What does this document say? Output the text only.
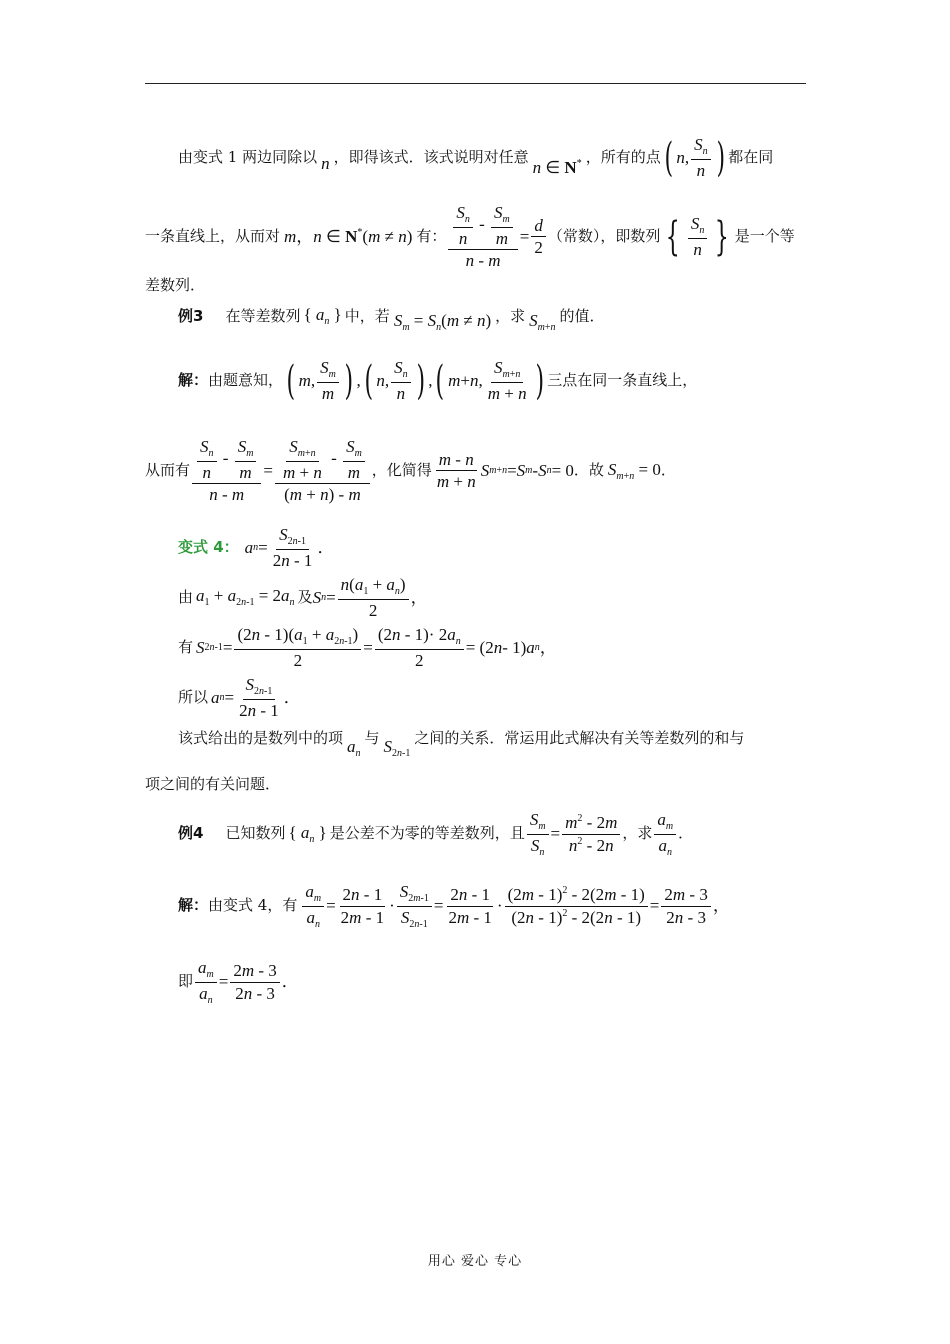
由变式 1 两边同除以 n ，即得该式．该式说明对任意
n ∈ N* ，所有的点 ( n , $\frac{S_n}{n}$ ) 都在同
一条直线上，从而对 m，n ∈ N*(m ≠ n) 有： $\frac{\frac{S_n}{n} - \frac{S_m}{m}}{n - m} = \frac{d}{2}$ （常数），即数列 { $\frac{S_n}{n}$ } 是一个等
差数列．
例3 在等差数列 { $a_n$ } 中，若 $S_m = S_n(m \ne n)$ ，求 $S_{m+n}$
的值．
解： 由题意知， ( m , $\frac{S_m}{m}$ ) , ( n , $\frac{S_n}{n}$ ) , ( m + n , $\frac{S_{m+n}}{m + n}$ ) 三点在同一条直线上，
从而有 $\frac{\frac{S_n}{n} - \frac{S_m}{m}}{n - m} = \frac{\frac{S_{m+n}}{m + n} - \frac{S_m}{m}}{(m + n) - m}$ ，化简得 $\frac{m - n}{m + n}$ S m+n = S m - S n = 0 ．故 $S_{m+n} = 0$ ．
变式 4： a $n = \frac{S_{2n-1}}{2n - 1}$ ．
由 $a_1 + a_{2n-1} = 2a_n$ 及 S $n = \frac{n(a_1 + a_n)}{2}$ ，
有 S $2n-1 = \frac{(2n - 1)(a_1 + a_{2n-1})}{2} = \frac{(2n - 1)\cdot 2a_n}{2} = (2$ n - 1) a n ，
所以 a $n = \frac{S_{2n-1}}{2n - 1}$ ．
该式给出的是数列中的项 $a_n$
与 $S_{2n-1}$
之间的关系．常运用此式解决有关等差数列的和与
项之间的有关问题．
例4 已知数列 { $a_n$ } 是公差不为零的等差数列，且 $\frac{S_m}{S_n} = \frac{m^2 - 2m}{n^2 - 2n}$ ，求 $\frac{a_m}{a_n}$ ．
解： 由变式 4，有 $\frac{a_m}{a_n} = \frac{2n - 1}{2m - 1} \cdot \frac{S_{2m-1}}{S_{2n-1}} = \frac{2n - 1}{2m - 1} \cdot \frac{(2m - 1)^2 - 2(2m - 1)}{(2n - 1)^2 - 2(2n - 1)} = \frac{2m - 3}{2n - 3}$ ，
即 $\frac{a_m}{a_n} = \frac{2m - 3}{2n - 3}$ ．
用心 爱心 专心
